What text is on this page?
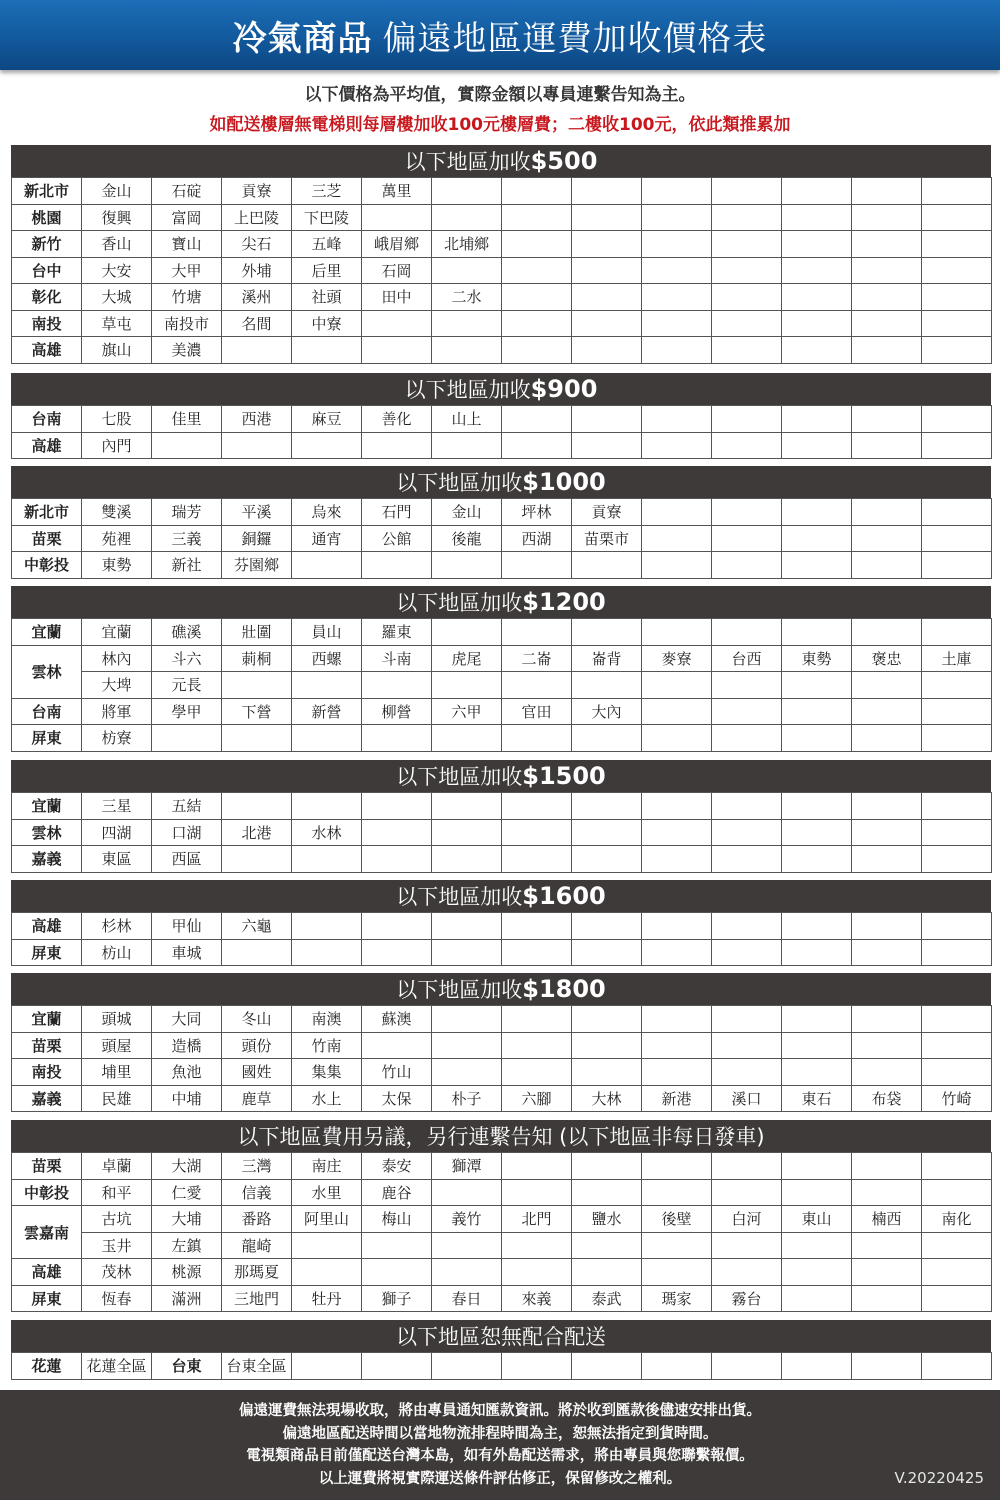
冷氣商品 偏遠地區運費加收價格表
以下價格為平均值，實際金額以專員連繫告知為主。
如配送樓層無電梯則每層樓加收100元樓層費；二樓收100元，依此類推累加
以下地區加收 $500
新北市	金山	石碇	貢寮	三芝	萬里								
桃園	復興	富岡	上巴陵	下巴陵									
新竹	香山	寶山	尖石	五峰	峨眉鄉	北埔鄉							
台中	大安	大甲	外埔	后里	石岡								
彰化	大城	竹塘	溪州	社頭	田中	二水							
南投	草屯	南投市	名間	中寮									
高雄	旗山	美濃											
以下地區加收 $900
台南	七股	佳里	西港	麻豆	善化	山上							
高雄	內門												
以下地區加收 $1000
新北市	雙溪	瑞芳	平溪	烏來	石門	金山	坪林	貢寮					
苗栗	苑裡	三義	銅鑼	通宵	公館	後龍	西湖	苗栗市					
中彰投	東勢	新社	芬園鄉										
以下地區加收 $1200
宜蘭	宜蘭	礁溪	壯圍	員山	羅東								
雲林	林內	斗六	莿桐	西螺	斗南	虎尾	二崙	崙背	麥寮	台西	東勢	褒忠	土庫
	大埤	元長											
台南	將軍	學甲	下營	新營	柳營	六甲	官田	大內					
屏東	枋寮												
以下地區加收 $1500
宜蘭	三星	五結											
雲林	四湖	口湖	北港	水林									
嘉義	東區	西區											
以下地區加收 $1600
高雄	杉林	甲仙	六龜										
屏東	枋山	車城											
以下地區加收 $1800
宜蘭	頭城	大同	冬山	南澳	蘇澳								
苗栗	頭屋	造橋	頭份	竹南									
南投	埔里	魚池	國姓	集集	竹山								
嘉義	民雄	中埔	鹿草	水上	太保	朴子	六腳	大林	新港	溪口	東石	布袋	竹崎
以下地區費用另議，另行連繫告知 (以下地區非每日發車)
苗栗	卓蘭	大湖	三灣	南庄	泰安	獅潭							
中彰投	和平	仁愛	信義	水里	鹿谷								
雲嘉南	古坑	大埔	番路	阿里山	梅山	義竹	北門	鹽水	後壁	白河	東山	楠西	南化
	玉井	左鎮	龍崎										
高雄	茂林	桃源	那瑪夏										
屏東	恆春	滿洲	三地門	牡丹	獅子	春日	來義	泰武	瑪家	霧台			
以下地區恕無配合配送
花蓮	花蓮全區	台東	台東全區										
偏遠運費無法現場收取，將由專員通知匯款資訊。將於收到匯款後儘速安排出貨。
偏遠地區配送時間以當地物流排程時間為主，恕無法指定到貨時間。
電視類商品目前僅配送台灣本島，如有外島配送需求，將由專員與您聯繫報價。
以上運費將視實際運送條件評估修正，保留修改之權利。	V.20220425
